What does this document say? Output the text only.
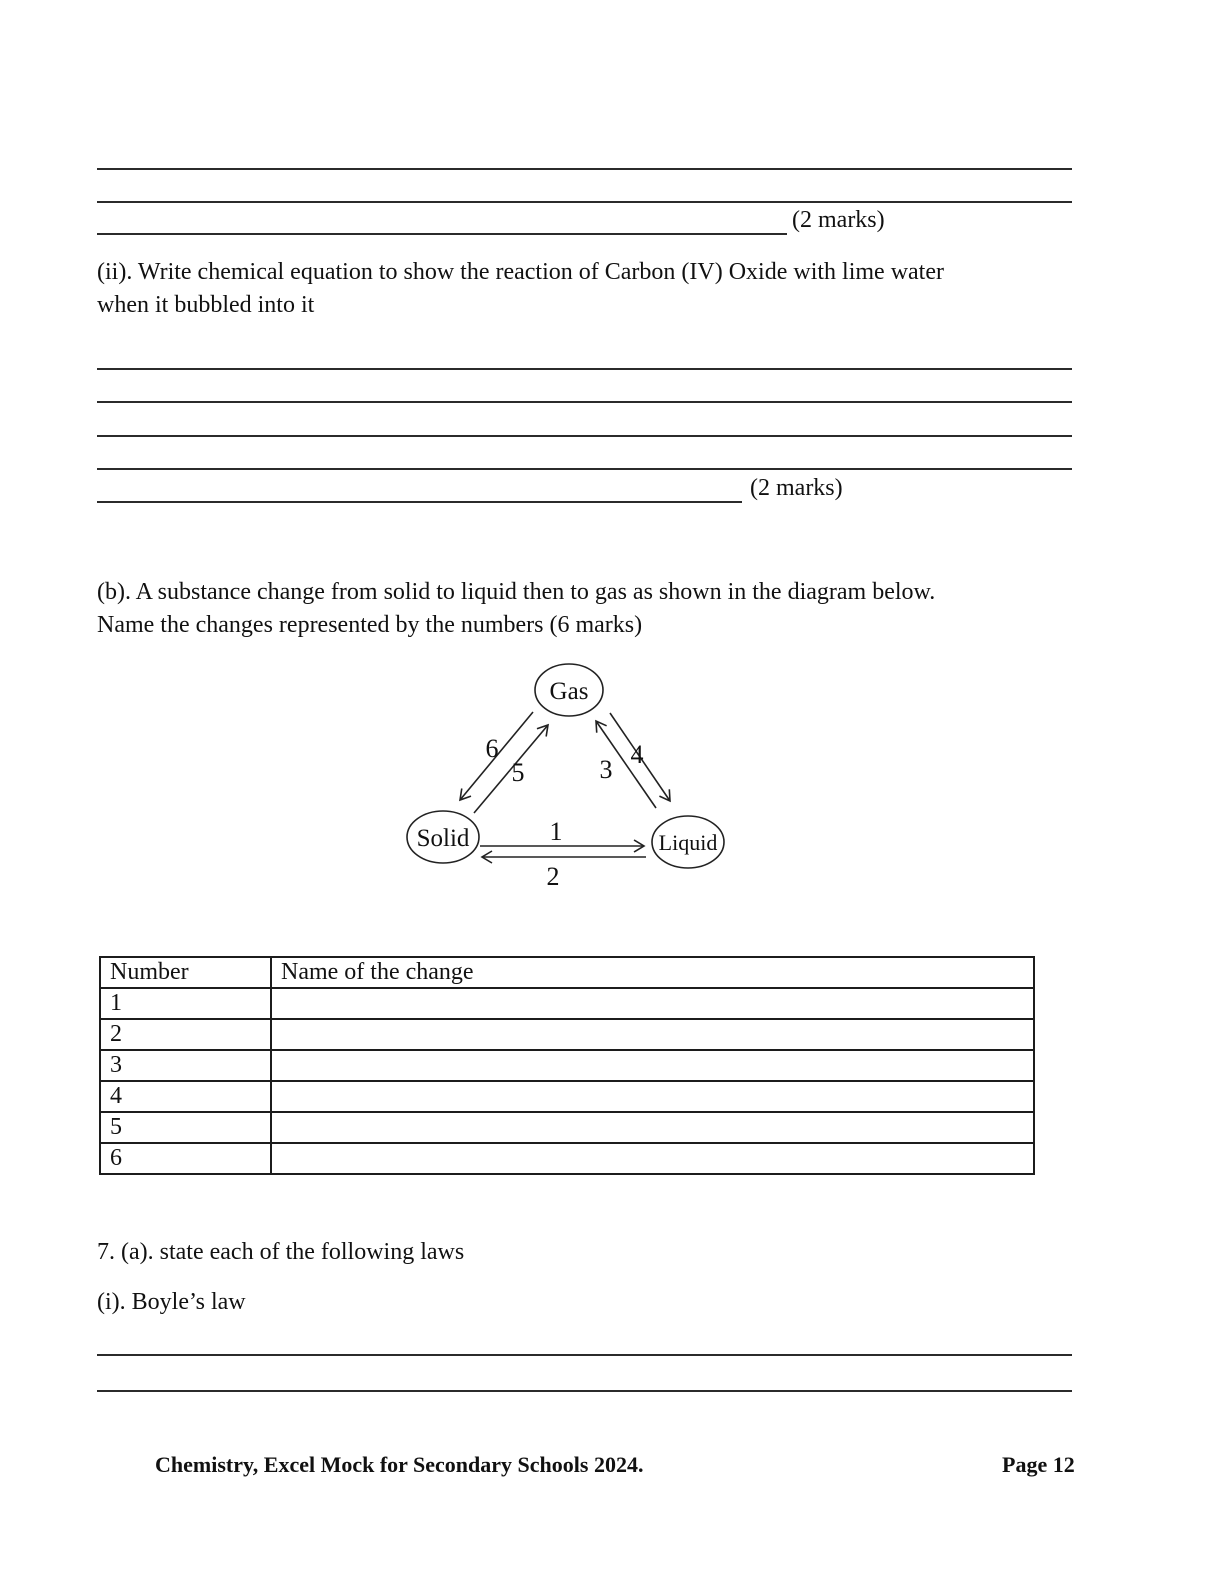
(2 marks)
(ii). Write chemical equation to show the reaction of Carbon (IV) Oxide with lime water
when it bubbled into it
(2 marks)
(b). A substance change from solid to liquid then to gas as shown in the diagram below.
Name the changes represented by the numbers (6 marks)
Gas
Solid	Liquid
6
5	3
4
1
2
Number	Name of the change
1	
2	
3	
4	
5	
6	
7. (a). state each of the following laws
(i). Boyle’s law
Chemistry, Excel Mock for Secondary Schools 2024.	Page 12
